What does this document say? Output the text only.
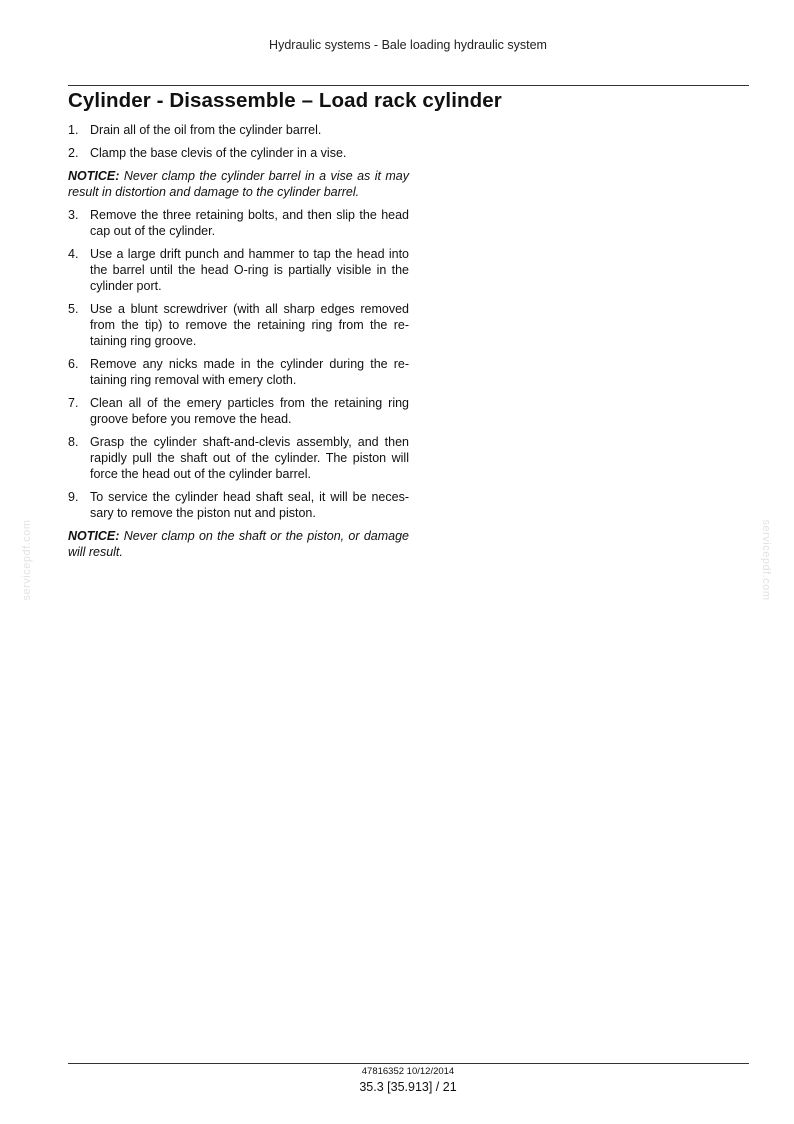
Hydraulic systems - Bale loading hydraulic system
Cylinder - Disassemble – Load rack cylinder
1. Drain all of the oil from the cylinder barrel.
2. Clamp the base clevis of the cylinder in a vise.

NOTICE: Never clamp the cylinder barrel in a vise as it may result in distortion and damage to the cylinder barrel.

3. Remove the three retaining bolts, and then slip the head cap out of the cylinder.
4. Use a large drift punch and hammer to tap the head into the barrel until the head O-ring is partially visible in the cylinder port.
5. Use a blunt screwdriver (with all sharp edges removed from the tip) to remove the retaining ring from the retaining ring groove.
6. Remove any nicks made in the cylinder during the retaining ring removal with emery cloth.
7. Clean all of the emery particles from the retaining ring groove before you remove the head.
8. Grasp the cylinder shaft-and-clevis assembly, and then rapidly pull the shaft out of the cylinder. The piston will force the head out of the cylinder barrel.
9. To service the cylinder head shaft seal, it will be necessary to remove the piston nut and piston.

NOTICE: Never clamp on the shaft or the piston, or damage will result.

servicepdf.com	servicepdf.com
47816352 10/12/2014
35.3 [35.913] / 21
